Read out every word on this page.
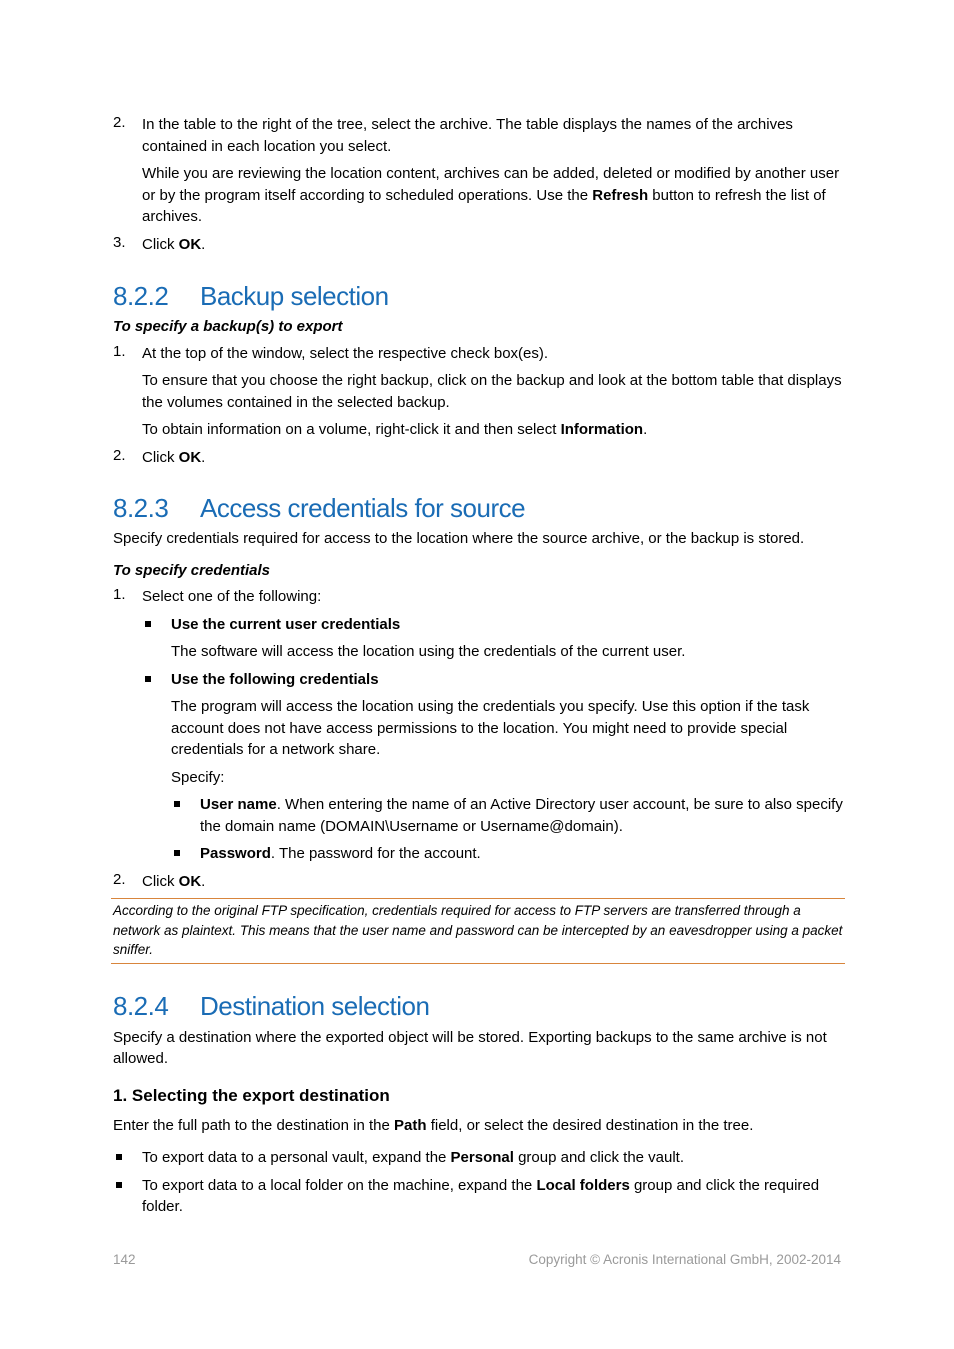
2. In the table to the right of the tree, select the archive. The table displays the names of the archives contained in each location you select.

While you are reviewing the location content, archives can be added, deleted or modified by another user or by the program itself according to scheduled operations. Use the Refresh button to refresh the list of archives.

3. Click OK.

8.2.2 Backup selection

To specify a backup(s) to export

1. At the top of the window, select the respective check box(es).

To ensure that you choose the right backup, click on the backup and look at the bottom table that displays the volumes contained in the selected backup.

To obtain information on a volume, right-click it and then select Information.

2. Click OK.

8.2.3 Access credentials for source

Specify credentials required for access to the location where the source archive, or the backup is stored.

To specify credentials

1. Select one of the following:

Use the current user credentials

The software will access the location using the credentials of the current user.

Use the following credentials

The program will access the location using the credentials you specify. Use this option if the task account does not have access permissions to the location. You might need to provide special credentials for a network share.

Specify:

User name. When entering the name of an Active Directory user account, be sure to also specify the domain name (DOMAIN\Username or Username@domain).

Password. The password for the account.

2. Click OK.

According to the original FTP specification, credentials required for access to FTP servers are transferred through a network as plaintext. This means that the user name and password can be intercepted by an eavesdropper using a packet sniffer.
8.2.4 Destination selection

Specify a destination where the exported object will be stored. Exporting backups to the same archive is not allowed.

1. Selecting the export destination

Enter the full path to the destination in the Path field, or select the desired destination in the tree.

To export data to a personal vault, expand the Personal group and click the vault.

To export data to a local folder on the machine, expand the Local folders group and click the required folder.

142	Copyright © Acronis International GmbH, 2002-2014
